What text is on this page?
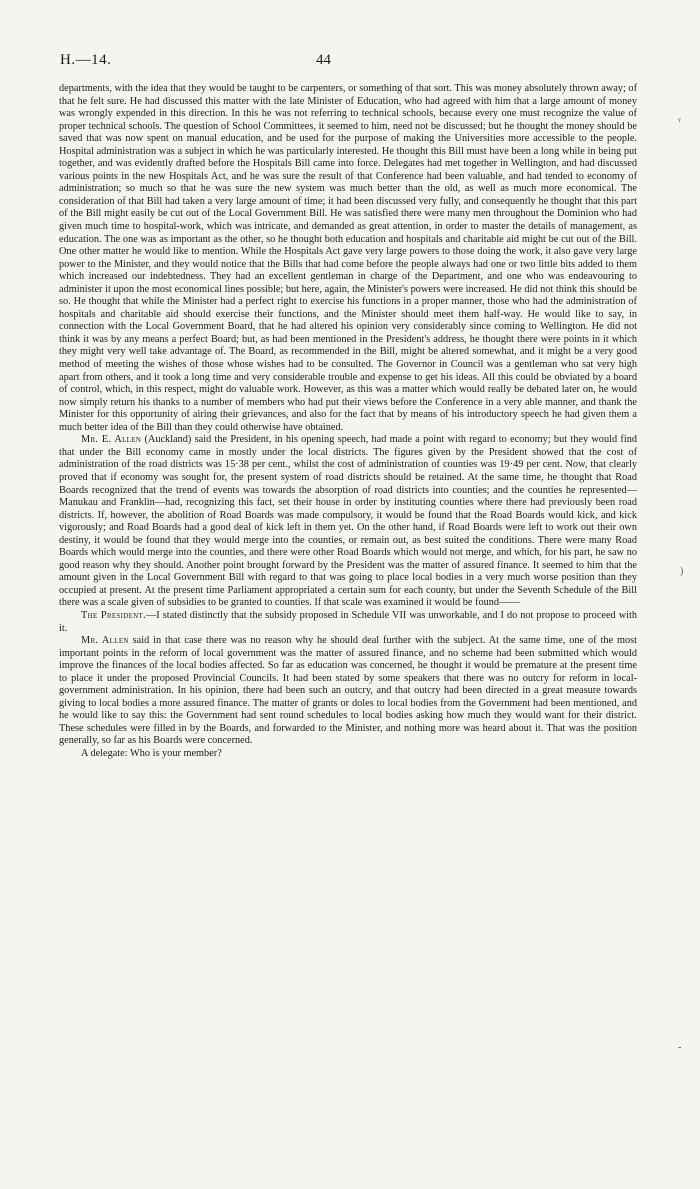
H.—14.	44

departments, with the idea that they would be taught to be carpenters, or something of that sort. This was money absolutely thrown away; of that he felt sure. He had discussed this matter with the late Minister of Education, who had agreed with him that a large amount of money was wrongly expended in this direction. In this he was not referring to technical schools, because every one must recognize the value of proper technical schools. The question of School Committees, it seemed to him, need not be discussed; but he thought the money should be saved that was now spent on manual education, and be used for the purpose of making the Universities more accessible to the people. Hospital administration was a subject in which he was particularly interested. He thought this Bill must have been a long while in being put together, and was evidently drafted before the Hospitals Bill came into force. Delegates had met together in Wellington, and had discussed various points in the new Hospitals Act, and he was sure the result of that Conference had been valuable, and had tended to economy of administration; so much so that he was sure the new system was much better than the old, as well as much more economical. The consideration of that Bill had taken a very large amount of time; it had been discussed very fully, and consequently he thought that this part of the Bill might easily be cut out of the Local Government Bill. He was satisfied there were many men throughout the Dominion who had given much time to hospital-work, which was intricate, and demanded as great attention, in order to master the details of management, as education. The one was as important as the other, so he thought both education and hospitals and charitable aid might be cut out of the Bill. One other matter he would like to mention. While the Hospitals Act gave very large powers to those doing the work, it also gave very large power to the Minister, and they would notice that the Bills that had come before the people always had one or two little bits added to them which increased our indebtedness. They had an excellent gentleman in charge of the Department, and one who was endeavouring to administer it upon the most economical lines possible; but here, again, the Minister's powers were increased. He did not think this should be so. He thought that while the Minister had a perfect right to exercise his functions in a proper manner, those who had the administration of hospitals and charitable aid should exercise their functions, and the Minister should meet them half-way. He would like to say, in connection with the Local Government Board, that he had altered his opinion very considerably since coming to Wellington. He did not think it was by any means a perfect Board; but, as had been mentioned in the President's address, he thought there were points in it which they might very well take advantage of. The Board, as recommended in the Bill, might be altered somewhat, and it might be a very good method of meeting the wishes of those whose wishes had to be consulted. The Governor in Council was a gentleman who sat very high apart from others, and it took a long time and very considerable trouble and expense to get his ideas. All this could be obviated by a board of control, which, in this respect, might do valuable work. However, as this was a matter which would really be debated later on, he would now simply return his thanks to a number of members who had put their views before the Conference in a very able manner, and thank the Minister for this opportunity of airing their grievances, and also for the fact that by means of his introductory speech he had given them a much better idea of the Bill than they could otherwise have obtained.

Mr. E. Allen (Auckland) said the President, in his opening speech, had made a point with regard to economy; but they would find that under the Bill economy came in mostly under the local districts. The figures given by the President showed that the cost of administration of the road districts was 15·38 per cent., whilst the cost of administration of counties was 19·49 per cent. Now, that clearly proved that if economy was sought for, the present system of road districts should be retained. At the same time, he thought that Road Boards recognized that the trend of events was towards the absorption of road districts into counties; and the counties he represented—Manukau and Franklin—had, recognizing this fact, set their house in order by instituting counties where there had previously been road districts. If, however, the abolition of Road Boards was made compulsory, it would be found that the Road Boards would kick, and kick vigorously; and Road Boards had a good deal of kick left in them yet. On the other hand, if Road Boards were left to work out their own destiny, it would be found that they would merge into the counties, or remain out, as best suited the conditions. There were many Road Boards which would merge into the counties, and there were other Road Boards which would not merge, and which, for his part, he saw no good reason why they should. Another point brought forward by the President was the matter of assured finance. It seemed to him that the amount given in the Local Government Bill with regard to that was going to place local bodies in a very much worse position than they occupied at present. At the present time Parliament appropriated a certain sum for each county, but under the Seventh Schedule of the Bill there was a scale given of subsidies to be granted to counties. If that scale was examined it would be found——

The President.—I stated distinctly that the subsidy proposed in Schedule VII was unworkable, and I do not propose to proceed with it.

Mr. Allen said in that case there was no reason why he should deal further with the subject. At the same time, one of the most important points in the reform of local government was the matter of assured finance, and no scheme had been submitted which would improve the finances of the local bodies affected. So far as education was concerned, he thought it would be premature at the present time to place it under the proposed Provincial Councils. It had been stated by some speakers that there was no outcry for reform in local-government administration. In his opinion, there had been such an outcry, and that outcry had been directed in a great measure towards giving to local bodies a more assured finance. The matter of grants or doles to local bodies from the Government had been mentioned, and he would like to say this: the Government had sent round schedules to local bodies asking how much they would want for their district. These schedules were filled in by the Boards, and forwarded to the Minister, and nothing more was heard about it. That was the position generally, so far as his Boards were concerned.

A delegate: Who is your member?

ᵧ
)
-
